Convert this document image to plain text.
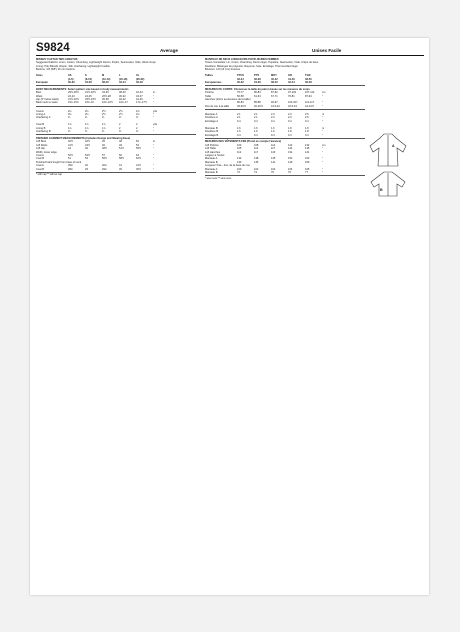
S9824	Average	Unisex Facile

MISSES' CAFTAN TWO LENGTHS

Suggested Fabrics: Linen, Cotton, Chambray, Lightweight Denim, Poplin, Seersucker, Voile, Wool Crepe

Lining: Poly Blends, Rayon, Silk. Interfacing: Lightweight Fusible

Buttons: 4-8 (5/8") 16 mm buttons

Sizes	XS	S	M	L	XL
(4-6)	(8-10)	(12-14)	(16-18)	(20-22)
European	30-32	34-36	38-40	42-44	46-48

BODY MEASUREMENTS: Select pattern size based on body measurements

Bust	29½-30½	31½-32½	34-36	38-40	42-44	in.
Waist	22-23	24-25	26½-28	30-32	34-37	"
Hip (9" below waist)	31½-32½	33½-34½	36-38	40-42	44-46	"
Back neck to waist	15¾-15¾	15¾-16	16¼-16½	16¾-17	17¼-17½	"
Coat A	2¼	2¼	2½	2½	2¾	yds
Lining A	2¼	2¼	2½	2½	2¾	"
Interfacing A	⅜	⅜	⅜	⅜	⅜	"
Coat B	1¾	1¾	1¾	2	2	yds
Lining B	1¾	1¾	1¾	2	2	"
Interfacing B	⅜	⅜	⅜	⅜	⅜	"

FINISHED GARMENT MEASUREMENTS (Includes Design and Wearing Ease)

A,B Bust	40½	42½	45	48	52	in.
A,B Waist	41½	43½	46	49	53	"
A,B Hip	44	46	48½	51½	55½	"
Width, lower edge
Coat A	52½	54½	57	60	64	"
Coat B	51	53	55½	58½	62½	"
Finished back length from base of neck
Coat A	39¼	40	40¾	41	41½	"
Coat B	28¼	29	29¾	30	30½	"

* with nap ** without nap

MANTEAU DE DEUX LONGUEURS POUR JEUNES FEMMES

Tissus Conseillés: Lin, Coton, Chambray, Denim léger, Popeline, Seersucker, Voile, Crêpe de laine

Doublure: Mélanges de polyester, Rayonne, Soie. Entoilage: Thermocollant léger

Boutons: 4-8 (16 mm) boutons

Tailles	TPCS	PTS	MOY	GR	TGR
32-34	36-38	40-42	44-46	48-50
Européennes	30-32	34-36	38-40	42-44	46-48

MESURES DU CORPS: Choisissez la taille du patron basée sur les mesures du corps

Poitrine	75-77	80-83	87-92	97-102	107-112	cm
Taille	56-58	61-64	67-71	76-81	87-94	"
Hanches (23cm au-dessous de la taille)
80-83	85-88	92-97	102-107	112-117	"
Dos du cou à la taille	39-39.5	40-40.5	41.5-42	42.5-43	44-44.5	"
Manteau A	2.1	2.1	2.3	2.3	2.5	m
Doublure A	2.1	2.1	2.3	2.3	2.5	"
Entoilage A	0.4	0.4	0.4	0.4	0.4	"
Manteau B	1.6	1.6	1.6	1.8	1.8	m
Doublure B	1.6	1.6	1.6	1.8	1.8	"
Entoilage B	0.4	0.4	0.4	0.4	0.4	"

MESURES DES VÊTEMENTS FINI (Prend en compte l'aisance)

A,B Poitrine	103	108	114	122	132	cm
A,B Taille	105	110	117	124	135	"
A,B Hanches	112	117	123	131	141	"
Largeur à l'ourlet
Manteau A	133	138	145	152	163	"
Manteau B	130	135	141	149	159	"
Longueur finie - dos, de la base du cou
Manteau A	100	102	104	104	105	"
Manteau B	72	74	76	76	77	"

* avec sens ** sans sens

A
B
